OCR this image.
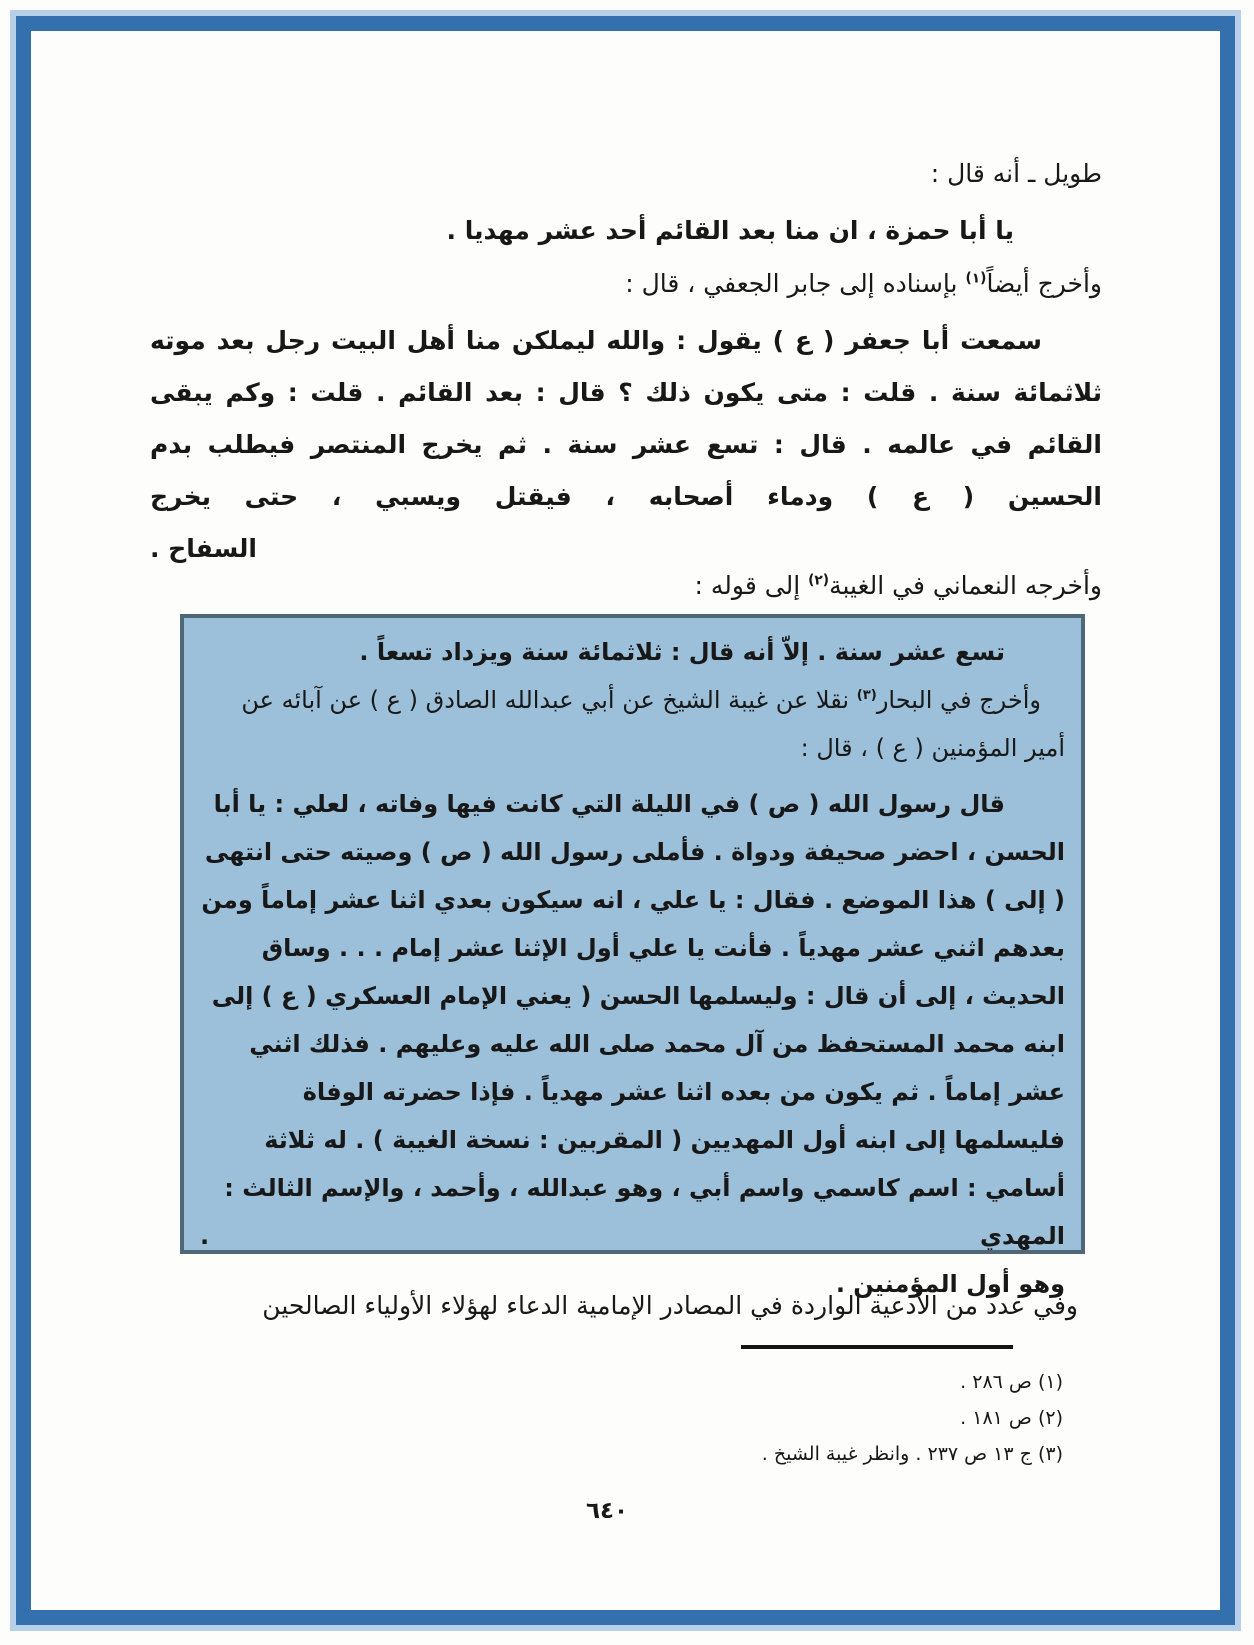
طويل ـ أنه قال :

يا أبا حمزة ، ان منا بعد القائم أحد عشر مهديا .

وأخرج أيضاً$^{(١)}$ بإسناده إلى جابر الجعفي ، قال :

سمعت أبا جعفر ( ع ) يقول : والله ليملكن منا أهل البيت رجل بعد موته ثلاثمائة سنة . قلت : متى يكون ذلك ؟ قال : بعد القائم . قلت : وكم يبقى القائم في عالمه . قال : تسع عشر سنة . ثم يخرج المنتصر فيطلب بدم الحسين ( ع ) ودماء أصحابه ، فيقتل ويسبي ، حتى يخرج

السفاح .

وأخرجه النعماني في الغيبة$^{(٢)}$ إلى قوله :

تسع عشر سنة . إلاّ أنه قال : ثلاثمائة سنة ويزداد تسعاً .

وأخرج في البحار$^{(٣)}$ نقلا عن غيبة الشيخ عن أبي عبدالله الصادق ( ع ) عن آبائه عن أمير المؤمنين ( ع ) ، قال :

قال رسول الله ( ص ) في الليلة التي كانت فيها وفاته ، لعلي : يا أبا الحسن ، احضر صحيفة ودواة . فأملى رسول الله ( ص ) وصيته حتى انتهى ( إلى ) هذا الموضع . فقال : يا علي ، انه سيكون بعدي اثنا عشر إماماً ومن بعدهم اثني عشر مهدياً . فأنت يا علي أول الإثنا عشر إمام . . . وساق الحديث ، إلى أن قال : وليسلمها الحسن ( يعني الإمام العسكري ( ع ) إلى ابنه محمد المستحفظ من آل محمد صلى الله عليه وعليهم . فذلك اثني عشر إماماً . ثم يكون من بعده اثنا عشر مهدياً . فإذا حضرته الوفاة فليسلمها إلى ابنه أول المهديين ( المقربين : نسخة الغيبة ) . له ثلاثة أسامي : اسم كاسمي واسم أبي ، وهو عبدالله ، وأحمد ، والإسم الثالث : المهدي .

وهو أول المؤمنين .

وفي عدد من الأدعية الواردة في المصادر الإمامية الدعاء لهؤلاء الأولياء الصالحين

(١) ص ٢٨٦ .

(٢) ص ١٨١ .

(٣) ج ١٣ ص ٢٣٧ . وانظر غيبة الشيخ .

٦٤٠
